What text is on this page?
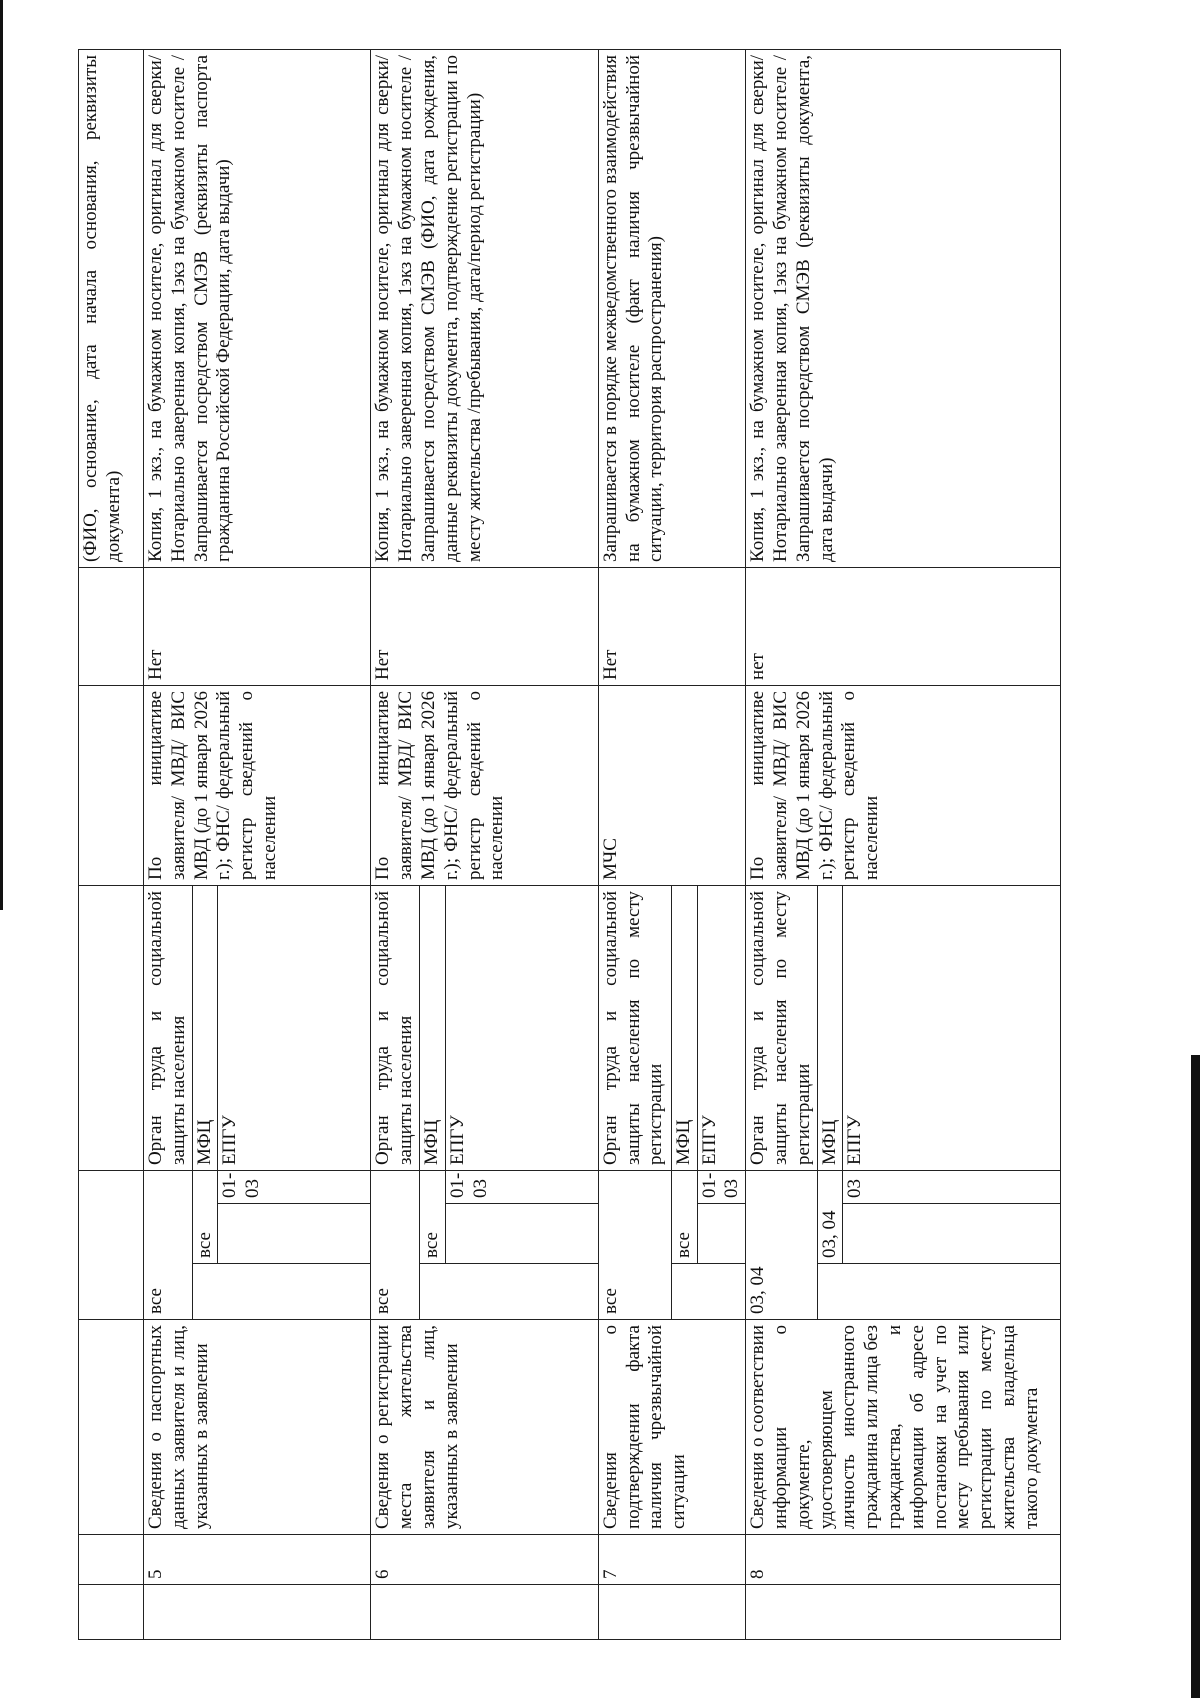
									(ФИО, основание, дата начала основания, реквизиты документа)
	5	Сведения о паспортных данных заявителя и лиц, указанных в заявлении	все			Орган труда и социальной защиты населения	По инициативе заявителя/ МВД/ ВИС МВД (до 1 января 2026 г.); ФНС/ федеральный регистр сведений о населении	Нет	Копия, 1 экз., на бумажном носителе, оригинал для сверки/Нотариально заверенная копия, 1экз на бумажном носителе / Запрашивается посредством СМЭВ (реквизиты паспорта гражданина Российской Федерации, дата выдачи)
				все		МФЦ			
					01-03	ЕПГУ			
	6	Сведения о регистрации места жительства заявителя и лиц, указанных в заявлении	все			Орган труда и социальной защиты населения	По инициативе заявителя/ МВД/ ВИС МВД (до 1 января 2026 г.); ФНС/ федеральный регистр сведений о населении	Нет	Копия, 1 экз., на бумажном носителе, оригинал для сверки/Нотариально заверенная копия, 1экз на бумажном носителе / Запрашивается посредством СМЭВ (ФИО, дата рождения, данные реквизиты документа, подтверждение регистрации по месту жительства /пребывания, дата/период регистрации)
				все		МФЦ			
					01-03	ЕПГУ			
	7	Сведения о подтверждении факта наличия чрезвычайной ситуации	все			Орган труда и социальной защиты населения по месту регистрации	МЧС	Нет	Запрашивается в порядке межведомственного взаимодействия на бумажном носителе (факт наличия чрезвычайной ситуации, территория распространения)
				все		МФЦ			
					01-03	ЕПГУ			
	8	Сведения о соответствии информации о документе, удостоверяющем личность иностранного гражданина или лица без гражданства, и информации об адресе постановки на учет по месту пребывания или регистрации по месту жительства владельца такого документа	03, 04			Орган труда и социальной защиты населения по месту регистрации	По инициативе заявителя/ МВД/ ВИС МВД (до 1 января 2026 г.); ФНС/ федеральный регистр сведений о населении	нет	Копия, 1 экз., на бумажном носителе, оригинал для сверки/Нотариально заверенная копия, 1экз на бумажном носителе / Запрашивается посредством СМЭВ (реквизиты документа, дата выдачи)
				03, 04		МФЦ			
					03	ЕПГУ			
